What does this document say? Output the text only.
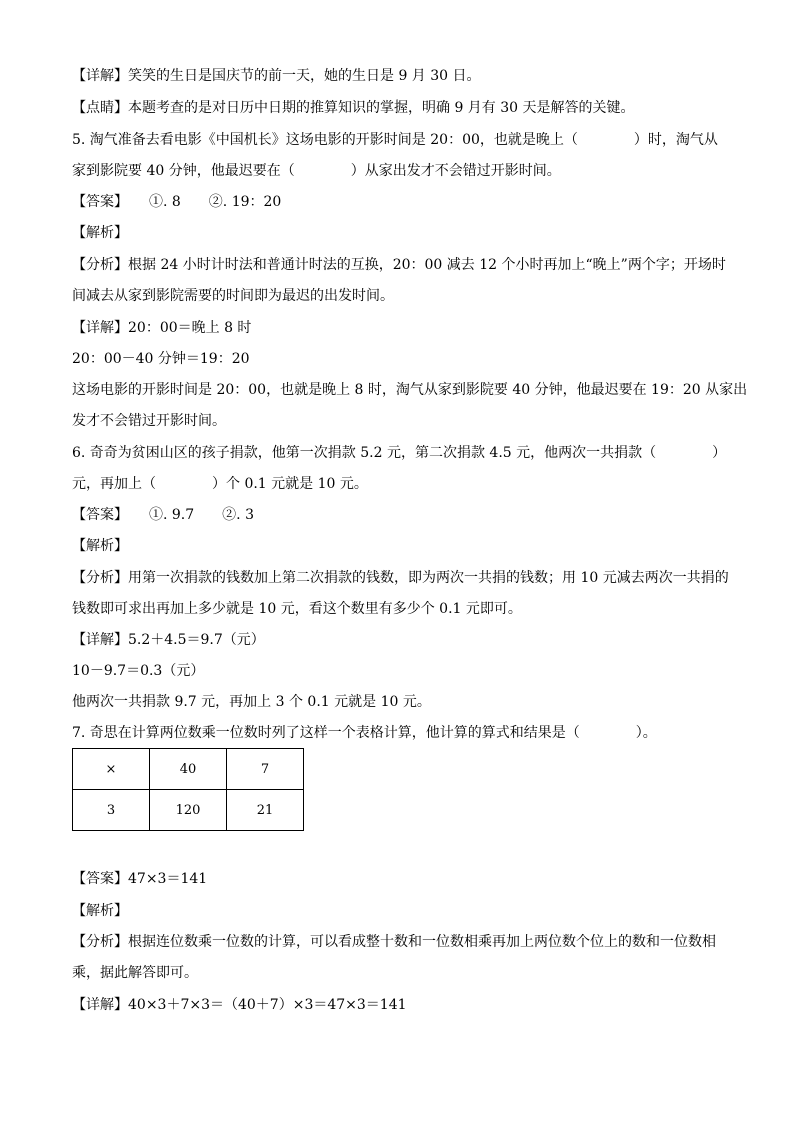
【详解】笑笑的生日是国庆节的前一天，她的生日是 9 月 30 日。
【点睛】本题考查的是对日历中日期的推算知识的掌握，明确 9 月有 30 天是解答的关键。
5. 淘气准备去看电影《中国机长》这场电影的开影时间是 20：00，也就是晚上（　　　　）时，淘气从
家到影院要 40 分钟，他最迟要在（　　　　）从家出发才不会错过开影时间。
【答案】　　①. 8　　②. 19：20
【解析】
【分析】根据 24 小时计时法和普通计时法的互换，20：00 减去 12 个小时再加上“晚上”两个字；开场时
间减去从家到影院需要的时间即为最迟的出发时间。
【详解】20：00＝晚上 8 时
20：00－40 分钟＝19：20
这场电影的开影时间是 20：00，也就是晚上 8 时，淘气从家到影院要 40 分钟，他最迟要在 19：20 从家出
发才不会错过开影时间。
6. 奇奇为贫困山区的孩子捐款，他第一次捐款 5.2 元，第二次捐款 4.5 元，他两次一共捐款（　　　　）
元，再加上（　　　　）个 0.1 元就是 10 元。
【答案】　　①. 9.7　　②. 3
【解析】
【分析】用第一次捐款的钱数加上第二次捐款的钱数，即为两次一共捐的钱数；用 10 元减去两次一共捐的
钱数即可求出再加上多少就是 10 元，看这个数里有多少个 0.1 元即可。
【详解】5.2＋4.5＝9.7（元）
10－9.7＝0.3（元）
他两次一共捐款 9.7 元，再加上 3 个 0.1 元就是 10 元。
7. 奇思在计算两位数乘一位数时列了这样一个表格计算，他计算的算式和结果是（　　　　）。
×	40	7
3	120	21
【答案】47×3＝141
【解析】
【分析】根据连位数乘一位数的计算，可以看成整十数和一位数相乘再加上两位数个位上的数和一位数相
乘，据此解答即可。
【详解】40×3＋7×3＝（40＋7）×3＝47×3＝141
